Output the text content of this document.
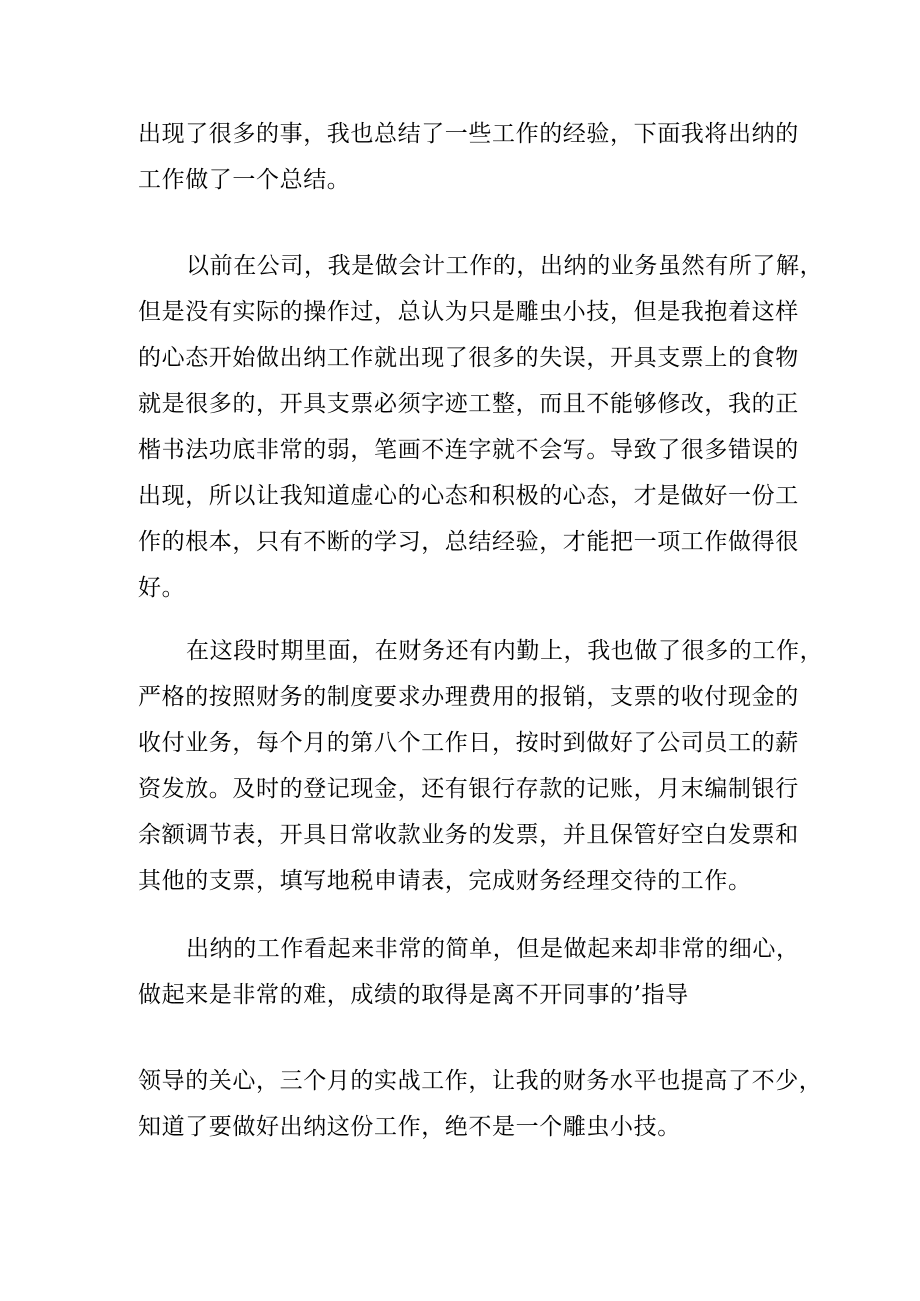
出现了很多的事，我也总结了一些工作的经验，下面我将出纳的
工作做了一个总结。

以前在公司，我是做会计工作的，出纳的业务虽然有所了解，
但是没有实际的操作过，总认为只是雕虫小技，但是我抱着这样
的心态开始做出纳工作就出现了很多的失误，开具支票上的食物
就是很多的，开具支票必须字迹工整，而且不能够修改，我的正
楷书法功底非常的弱，笔画不连字就不会写。导致了很多错误的
出现，所以让我知道虚心的心态和积极的心态，才是做好一份工
作的根本，只有不断的学习，总结经验，才能把一项工作做得很
好。

在这段时期里面，在财务还有内勤上，我也做了很多的工作，
严格的按照财务的制度要求办理费用的报销，支票的收付现金的
收付业务，每个月的第八个工作日，按时到做好了公司员工的薪
资发放。及时的登记现金，还有银行存款的记账，月末编制银行
余额调节表，开具日常收款业务的发票，并且保管好空白发票和
其他的支票，填写地税申请表，完成财务经理交待的工作。

出纳的工作看起来非常的简单，但是做起来却非常的细心，
做起来是非常的难，成绩的取得是离不开同事的’指导

领导的关心，三个月的实战工作，让我的财务水平也提高了不少，
知道了要做好出纳这份工作，绝不是一个雕虫小技。
